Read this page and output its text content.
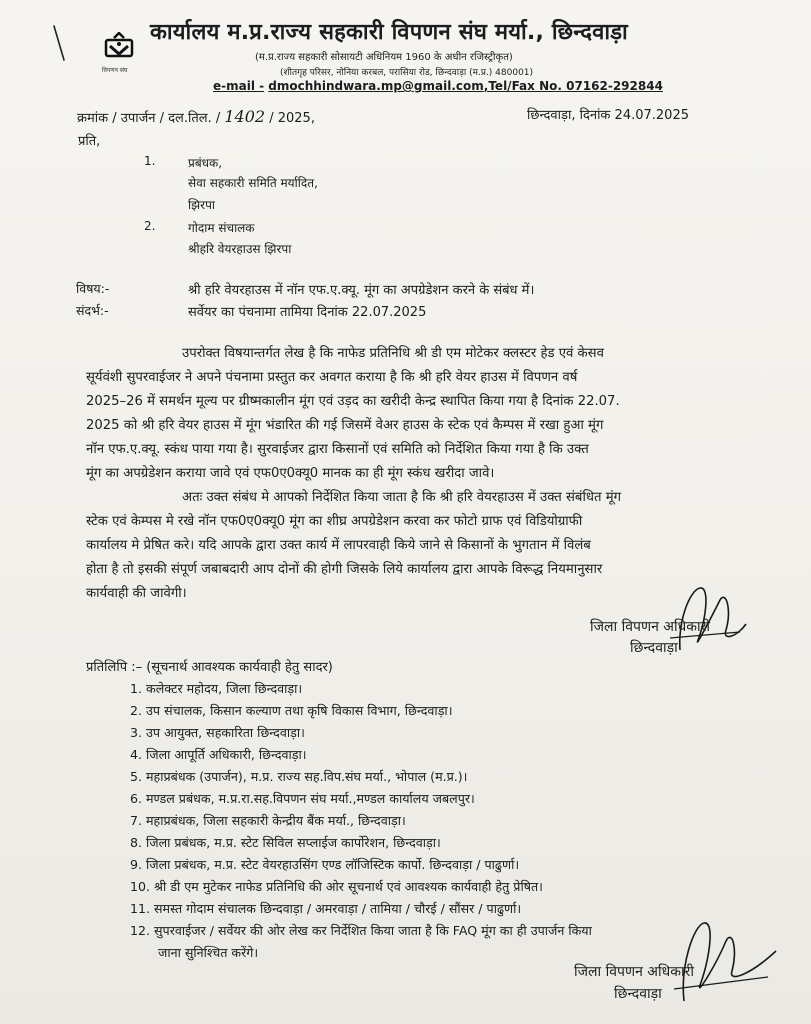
विपणन संघ
कार्यालय म.प्र.राज्य सहकारी विपणन संघ मर्या., छिन्दवाड़ा
(म.प्र.राज्य सहकारी सोसायटी अधिनियम 1960 के अधीन रजिस्ट्रीकृत)
(शीतगृह परिसर, नोनिया करबल, परासिया रोड, छिन्दवाड़ा (म.प्र.) 480001)
e-mail - dmochhindwara.mp@gmail.com,Tel/Fax No. 07162-292844
क्रमांक / उपार्जन / दल.तिल. / 1402 / 2025,	छिन्दवाड़ा, दिनांक 24.07.2025
प्रति,
1.	प्रबंधक,
सेवा सहकारी समिति मर्यादित,
झिरपा
2.	गोदाम संचालक
श्रीहरि वेयरहाउस झिरपा
विषय:-	श्री हरि वेयरहाउस में नॉन एफ.ए.क्यू. मूंग का अपग्रेडेशन करने के संबंध में।
संदर्भ:-	सर्वेयर का पंचनामा तामिया दिनांक 22.07.2025
उपरोक्त विषयान्तर्गत लेख है कि नाफेड प्रतिनिधि श्री डी एम मोटेकर क्लस्टर हेड एवं केसव
सूर्यवंशी सुपरवाईजर ने अपने पंचनामा प्रस्तुत कर अवगत कराया है कि श्री हरि वेयर हाउस में विपणन वर्ष
2025–26 में समर्थन मूल्य पर ग्रीष्मकालीन मूंग एवं उड़द का खरीदी केन्द्र स्थापित किया गया है दिनांक 22.07.
2025 को श्री हरि वेयर हाउस में मूंग भंडारित की गई जिसमें वेअर हाउस के स्टेक एवं कैम्पस में रखा हुआ मूंग
नॉन एफ.ए.क्यू. स्कंध पाया गया है। सुरवाईजर द्वारा किसानों एवं समिति को निर्देशित किया गया है कि उक्त
मूंग का अपग्रेडेशन कराया जावे एवं एफ0ए0क्यू0 मानक का ही मूंग स्कंध खरीदा जावे।
अतः उक्त संबंध मे आपको निर्देशित किया जाता है कि श्री हरि वेयरहाउस में उक्त संबंधित मूंग
स्टेक एवं केम्पस मे रखे नॉन एफ0ए0क्यू0 मूंग का शीघ्र अपग्रेडेशन करवा कर फोटो ग्राफ एवं विडियोग्राफी
कार्यालय मे प्रेषित करे। यदि आपके द्वारा उक्त कार्य में लापरवाही किये जाने से किसानों के भुगतान में विलंब
होता है तो इसकी संपूर्ण जबाबदारी आप दोनों की होगी जिसके लिये कार्यालय द्वारा आपके विरूद्ध नियमानुसार
कार्यवाही की जावेगी।
जिला विपणन अधिकारी
छिन्दवाड़ा
प्रतिलिपि :– (सूचनार्थ आवश्यक कार्यवाही हेतु सादर)
1. कलेक्टर महोदय, जिला छिन्दवाड़ा।
2. उप संचालक, किसान कल्याण तथा कृषि विकास विभाग, छिन्दवाड़ा।
3. उप आयुक्त, सहकारिता छिन्दवाड़ा।
4. जिला आपूर्ति अधिकारी, छिन्दवाड़ा।
5. महाप्रबंधक (उपार्जन), म.प्र. राज्य सह.विप.संघ मर्या., भोपाल (म.प्र.)।
6. मण्डल प्रबंधक, म.प्र.रा.सह.विपणन संघ मर्या.,मण्डल कार्यालय जबलपुर।
7. महाप्रबंधक, जिला सहकारी केन्द्रीय बैंक मर्या., छिन्दवाड़ा।
8. जिला प्रबंधक, म.प्र. स्टेट सिविल सप्लाईज कार्पोरेशन, छिन्दवाड़ा।
9. जिला प्रबंधक, म.प्र. स्टेट वेयरहाउसिंग एण्ड लॉजिस्टिक कार्पो. छिन्दवाड़ा / पाढुर्णा।
10. श्री डी एम मुटेकर नाफेड प्रतिनिधि की ओर सूचनार्थ एवं आवश्यक कार्यवाही हेतु प्रेषित।
11. समस्त गोदाम संचालक छिन्दवाड़ा / अमरवाड़ा / तामिया / चौरई / सौंसर / पाढुर्णा।
12. सुपरवाईजर / सर्वेयर की ओर लेख कर निर्देशित किया जाता है कि FAQ मूंग का ही उपार्जन किया
जाना सुनिश्चित करेंगे।
जिला विपणन अधिकारी
छिन्दवाड़ा
